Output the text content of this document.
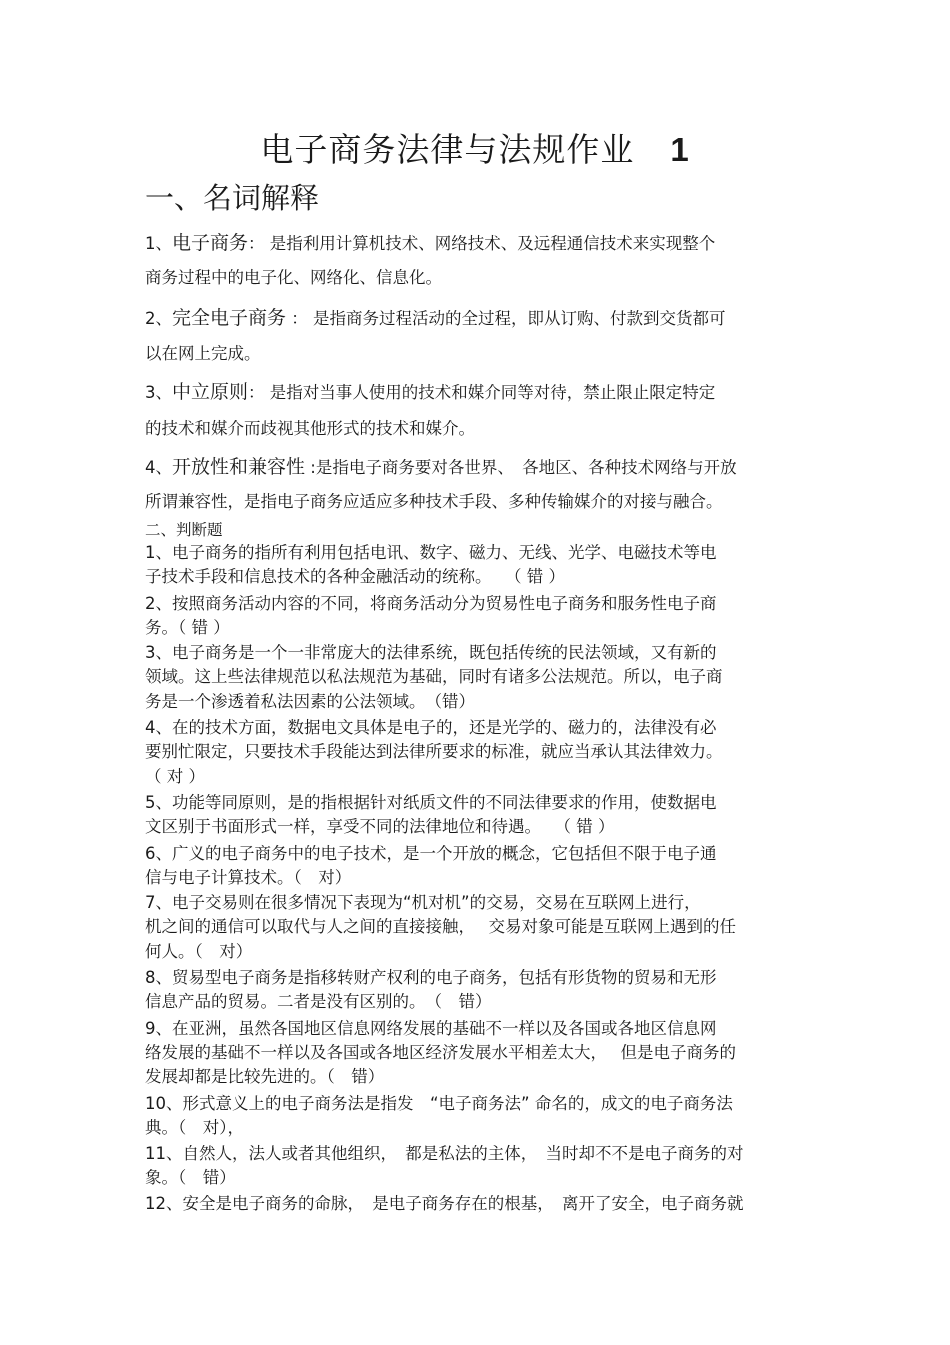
电子商务法律与法规作业 1
一、名词解释
1、电子商务： 是指利用计算机技术、网络技术、及远程通信技术来实现整个
商务过程中的电子化、网络化、信息化。
2、完全电子商务 ： 是指商务过程活动的全过程，即从订购、付款到交货都可
以在网上完成。
3、中立原则： 是指对当事人使用的技术和媒介同等对待，禁止限止限定特定
的技术和媒介而歧视其他形式的技术和媒介。
4、开放性和兼容性 :是指电子商务要对各世界、　各地区、各种技术网络与开放
所谓兼容性，是指电子商务应适应多种技术手段、多种传输媒介的对接与融合。
二、判断题
1、电子商务的指所有利用包括电讯、数字、磁力、无线、光学、电磁技术等电
子技术手段和信息技术的各种金融活动的统称。　 （ 错 ）
2、按照商务活动内容的不同，将商务活动分为贸易性电子商务和服务性电子商
务。（ 错 ）
3、电子商务是一个一非常庞大的法律系统，既包括传统的民法领域，又有新的
领域。这上些法律规范以私法规范为基础，同时有诸多公法规范。所以，电子商
务是一个渗透着私法因素的公法领域。　（错）
4、在的技术方面，数据电文具体是电子的，还是光学的、磁力的，法律没有必
要别忙限定，只要技术手段能达到法律所要求的标准，就应当承认其法律效力。
（ 对 ）
5、功能等同原则，是的指根据针对纸质文件的不同法律要求的作用，使数据电
文区别于书面形式一样，享受不同的法律地位和待遇。　 （ 错 ）
6、广义的电子商务中的电子技术，是一个开放的概念，它包括但不限于电子通
信与电子计算技术。（　对）
7、电子交易则在很多情况下表现为“机对机”的交易，交易在互联网上进行，
机之间的通信可以取代与人之间的直接接触，　 交易对象可能是互联网上遇到的任
何人。（　对）
8、贸易型电子商务是指移转财产权利的电子商务，包括有形货物的贸易和无形
信息产品的贸易。二者是没有区别的。　（　错）
9、在亚洲，虽然各国地区信息网络发展的基础不一样以及各国或各地区信息网
络发展的基础不一样以及各国或各地区经济发展水平相差太大，　 但是电子商务的
发展却都是比较先进的。（　错）
10、形式意义上的电子商务法是指发　“电子商务法” 命名的，成文的电子商务法
典。（　对），
11、自然人，法人或者其他组织，　都是私法的主体，　当时却不不是电子商务的对
象。（　错）
12、安全是电子商务的命脉，　是电子商务存在的根基，　离开了安全，电子商务就
